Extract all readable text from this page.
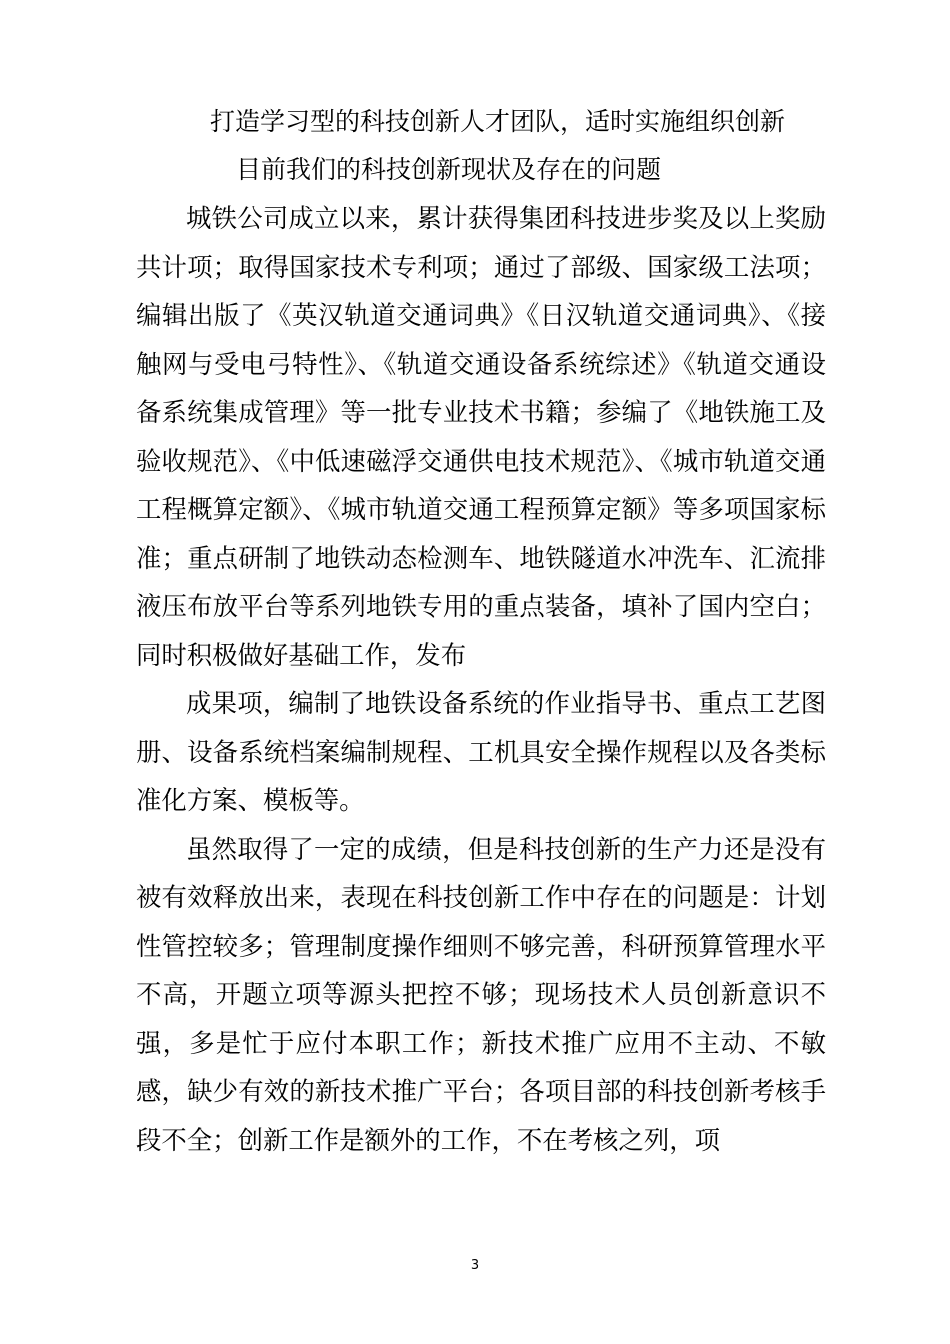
打造学习型的科技创新人才团队，适时实施组织创新
目前我们的科技创新现状及存在的问题

城铁公司成立以来，累计获得集团科技进步奖及以上奖励共计项；取得国家技术专利项；通过了部级、国家级工法项；编辑出版了《英汉轨道交通词典》《日汉轨道交通词典》、《接触网与受电弓特性》、《轨道交通设备系统综述》《轨道交通设备系统集成管理》等一批专业技术书籍；参编了《地铁施工及验收规范》、《中低速磁浮交通供电技术规范》、《城市轨道交通工程概算定额》、《城市轨道交通工程预算定额》等多项国家标准；重点研制了地铁动态检测车、地铁隧道水冲洗车、汇流排液压布放平台等系列地铁专用的重点装备，填补了国内空白；同时积极做好基础工作，发布

成果项，编制了地铁设备系统的作业指导书、重点工艺图册、设备系统档案编制规程、工机具安全操作规程以及各类标准化方案、模板等。

虽然取得了一定的成绩，但是科技创新的生产力还是没有被有效释放出来，表现在科技创新工作中存在的问题是：计划性管控较多；管理制度操作细则不够完善，科研预算管理水平不高，开题立项等源头把控不够；现场技术人员创新意识不强，多是忙于应付本职工作；新技术推广应用不主动、不敏感，缺少有效的新技术推广平台；各项目部的科技创新考核手段不全；创新工作是额外的工作，不在考核之列，项

3
